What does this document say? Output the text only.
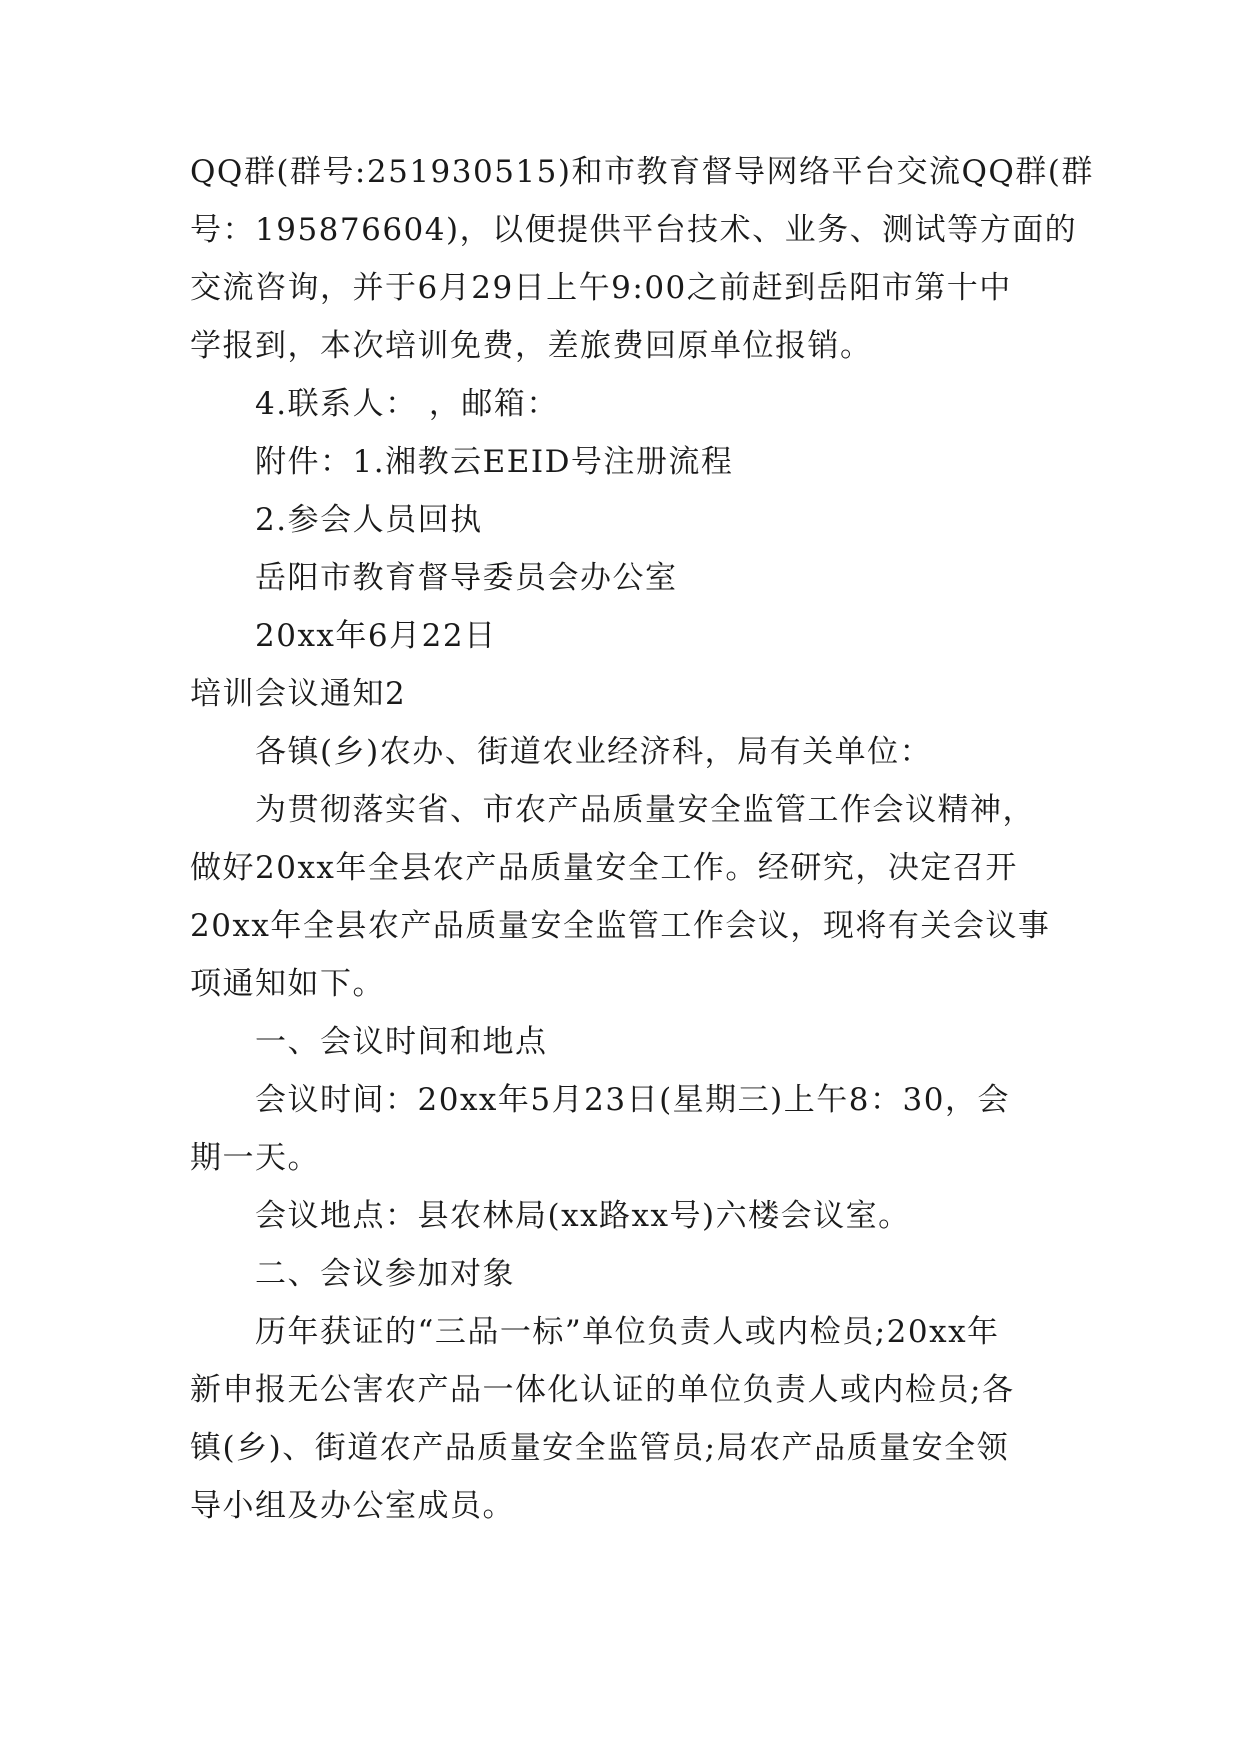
QQ群(群号:251930515)和市教育督导网络平台交流QQ群(群
号：195876604)，以便提供平台技术、业务、测试等方面的
交流咨询，并于6月29日上午9:00之前赶到岳阳市第十中
学报到，本次培训免费，差旅费回原单位报销。
4.联系人： ，邮箱：
附件：1.湘教云EEID号注册流程
2.参会人员回执
岳阳市教育督导委员会办公室
20xx年6月22日
培训会议通知2
各镇(乡)农办、街道农业经济科，局有关单位：
为贯彻落实省、市农产品质量安全监管工作会议精神，
做好20xx年全县农产品质量安全工作。经研究，决定召开
20xx年全县农产品质量安全监管工作会议，现将有关会议事
项通知如下。
一、会议时间和地点
会议时间：20xx年5月23日(星期三)上午8：30，会
期一天。
会议地点：县农林局(xx路xx号)六楼会议室。
二、会议参加对象
历年获证的“三品一标”单位负责人或内检员;20xx年
新申报无公害农产品一体化认证的单位负责人或内检员;各
镇(乡)、街道农产品质量安全监管员;局农产品质量安全领
导小组及办公室成员。
